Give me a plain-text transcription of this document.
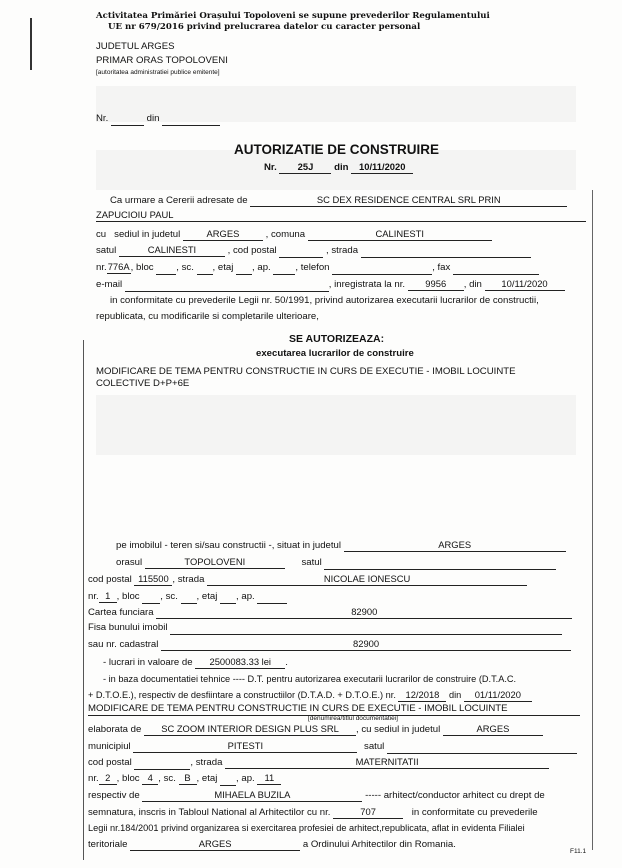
Activitatea Primăriei Orașului Topoloveni se supune prevederilor Regulamentului
UE nr 679/2016 privind prelucrarea datelor cu caracter personal
JUDETUL ARGES
PRIMAR ORAS TOPOLOVENI
[autoritatea administratiei publice emitente]
Nr.	din
AUTORIZATIE DE CONSTRUIRE
Nr. 25J din 10/11/2020
Ca urmare a Cererii adresate de	SC DEX RESIDENCE CENTRAL SRL PRIN
ZAPUCIOIU PAUL
cu sediul in judetul	ARGES	, comuna	CALINESTI
satul	CALINESTI	, cod postal	, strada
nr.776A, bloc , sc. , etaj , ap.	, telefon	, fax
e-mail	, inregistrata la nr. 9956 , din 10/11/2020
in conformitate cu prevederile Legii nr. 50/1991, privind autorizarea executarii lucrarilor de constructii,
republicata, cu modificarile si completarile ulterioare,
SE AUTORIZEAZA:
executarea lucrarilor de construire
MODIFICARE DE TEMA PENTRU CONSTRUCTIE IN CURS DE EXECUTIE - IMOBIL LOCUINTE
COLECTIVE D+P+6E
pe imobilul - teren si/sau constructii -, situat in judetul	ARGES
orasul	TOPOLOVENI	satul
cod postal 115500 , strada	NICOLAE IONESCU
nr. 1 , bloc , sc. , etaj , ap.
Cartea funciara	82900
Fisa bunului imobil
sau nr. cadastral	82900
- lucrari in valoare de 2500083.33 lei .
- in baza documentatiei tehnice ---- D.T. pentru autorizarea executarii lucrarilor de construire (D.T.A.C.
+ D.T.O.E.), respectiv de desfiintare a constructiilor (D.T.A.D. + D.T.O.E.) nr. 12/2018 din 01/11/2020
MODIFICARE DE TEMA PENTRU CONSTRUCTIE IN CURS DE EXECUTIE - IMOBIL LOCUINTE
[denumirea/titlul documentatiei]
elaborata de SC ZOOM INTERIOR DESIGN PLUS SRL , cu sediul in judetul	ARGES
municipiul	PITESTI	satul
cod postal	, strada	MATERNITATII
nr. 2 , bloc 4 , sc. B , etaj , ap. 11
respectiv de	MIHAELA BUZILA	----- arhitect/conductor arhitect cu drept de
semnatura, inscris in Tabloul National al Arhitectilor cu nr.	707	in conformitate cu prevederile
Legii nr.184/2001 privind organizarea si exercitarea profesiei de arhitect,republicata, aflat in evidenta Filialei
teritoriale	ARGES	a Ordinului Arhitectilor din Romania.
F11.1
